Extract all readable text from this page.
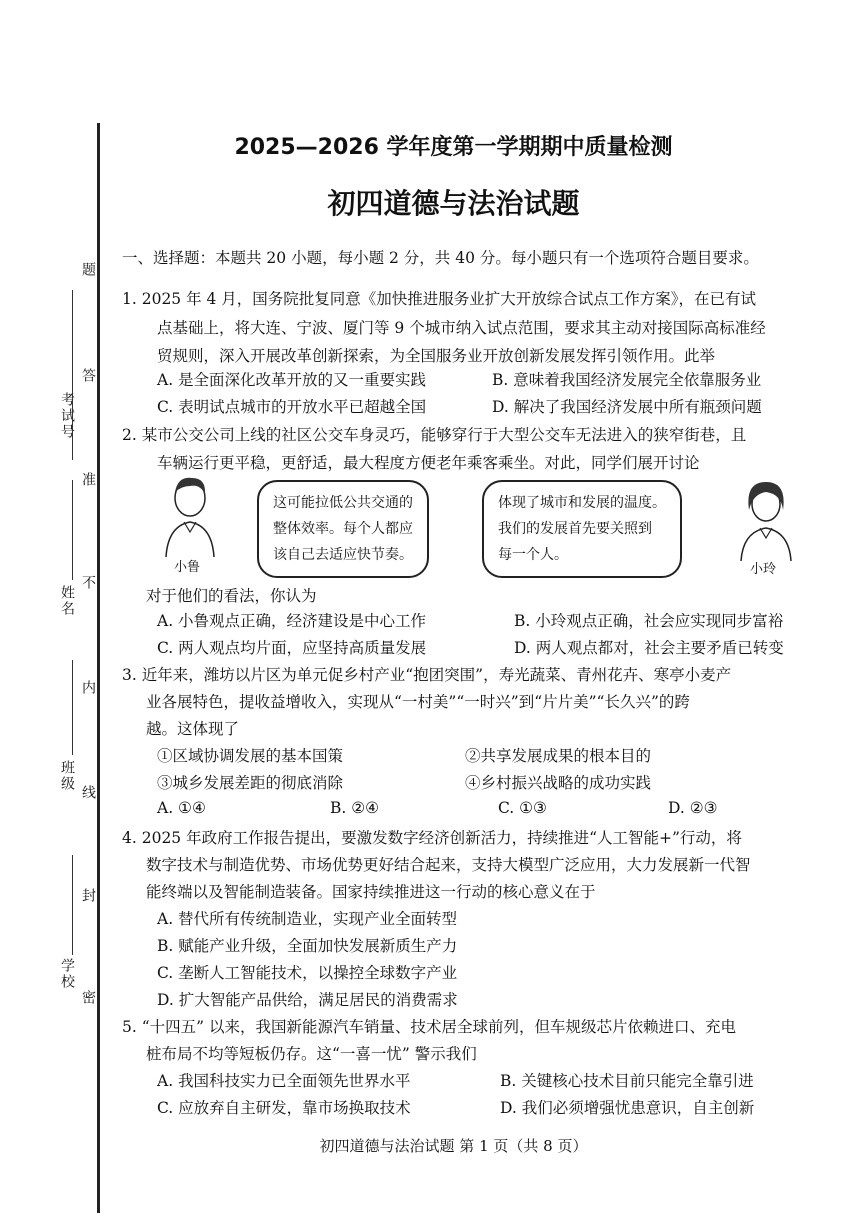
题
答
准
不
内
线
封
密
考试号
姓名
班级
学校
2025—2026 学年度第一学期期中质量检测
初四道德与法治试题
一、选择题：本题共 20 小题，每小题 2 分，共 40 分。每小题只有一个选项符合题目要求。
1. 2025 年 4 月，国务院批复同意《加快推进服务业扩大开放综合试点工作方案》，在已有试
点基础上，将大连、宁波、厦门等 9 个城市纳入试点范围，要求其主动对接国际高标准经
贸规则，深入开展改革创新探索，为全国服务业开放创新发展发挥引领作用。此举
A. 是全面深化改革开放的又一重要实践	B. 意味着我国经济发展完全依靠服务业
C. 表明试点城市的开放水平已超越全国	D. 解决了我国经济发展中所有瓶颈问题
2. 某市公交公司上线的社区公交车身灵巧，能够穿行于大型公交车无法进入的狭窄街巷，且
车辆运行更平稳，更舒适，最大程度方便老年乘客乘坐。对此，同学们展开讨论
小鲁
这可能拉低公共交通的
整体效率。每个人都应
该自己去适应快节奏。
体现了城市和发展的温度。
我们的发展首先要关照到
每一个人。
小玲
对于他们的看法，你认为
A. 小鲁观点正确，经济建设是中心工作	B. 小玲观点正确，社会应实现同步富裕
C. 两人观点均片面，应坚持高质量发展	D. 两人观点都对，社会主要矛盾已转变
3. 近年来，潍坊以片区为单元促乡村产业“抱团突围”，寿光蔬菜、青州花卉、寒亭小麦产
业各展特色，提收益增收入，实现从“一村美”“一时兴”到“片片美”“长久兴”的跨
越。这体现了
①区域协调发展的基本国策	②共享发展成果的根本目的
③城乡发展差距的彻底消除	④乡村振兴战略的成功实践
A. ①④	B. ②④	C. ①③	D. ②③
4. 2025 年政府工作报告提出，要激发数字经济创新活力，持续推进“人工智能+”行动，将
数字技术与制造优势、市场优势更好结合起来，支持大模型广泛应用，大力发展新一代智
能终端以及智能制造装备。国家持续推进这一行动的核心意义在于
A. 替代所有传统制造业，实现产业全面转型
B. 赋能产业升级，全面加快发展新质生产力
C. 垄断人工智能技术，以操控全球数字产业
D. 扩大智能产品供给，满足居民的消费需求
5. “十四五” 以来，我国新能源汽车销量、技术居全球前列，但车规级芯片依赖进口、充电
桩布局不均等短板仍存。这“一喜一忧” 警示我们
A. 我国科技实力已全面领先世界水平	B. 关键核心技术目前只能完全靠引进
C. 应放弃自主研发，靠市场换取技术	D. 我们必须增强忧患意识，自主创新
初四道德与法治试题 第 1 页（共 8 页）
